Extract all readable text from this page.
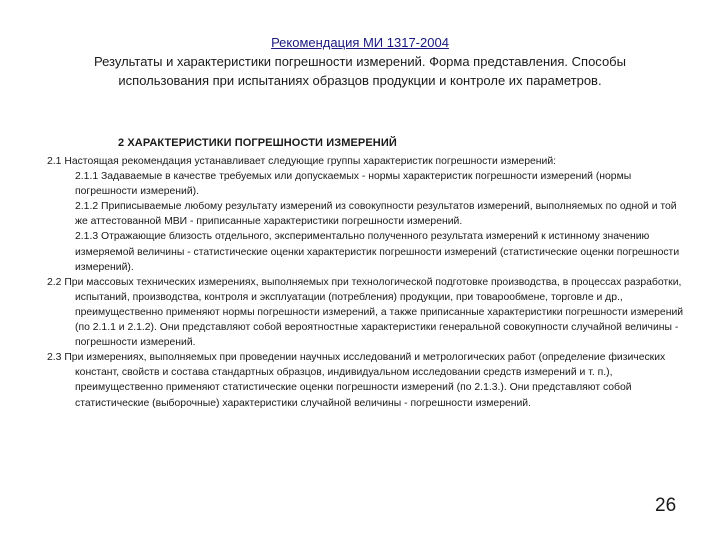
Рекомендация МИ 1317-2004
Результаты и характеристики погрешности измерений. Форма представления. Способы использования при испытаниях образцов продукции и контроле их параметров.
2 ХАРАКТЕРИСТИКИ ПОГРЕШНОСТИ ИЗМЕРЕНИЙ

2.1 Настоящая рекомендация устанавливает следующие группы характеристик погрешности измерений:

2.1.1 Задаваемые в качестве требуемых или допускаемых - нормы характеристик погрешности измерений (нормы погрешности измерений).

2.1.2 Приписываемые любому результату измерений из совокупности результатов измерений, выполняемых по одной и той же аттестованной МВИ - приписанные характеристики погрешности измерений.

2.1.3 Отражающие близость отдельного, экспериментально полученного результата измерений к истинному значению измеряемой величины - статистические оценки характеристик погрешности измерений (статистические оценки погрешности измерений).

2.2 При массовых технических измерениях, выполняемых при технологической подготовке производства, в процессах разработки, испытаний, производства, контроля и эксплуатации (потребления) продукции, при товарообмене, торговле и др., преимущественно применяют нормы погрешности измерений, а также приписанные характеристики погрешности измерений (по 2.1.1 и 2.1.2). Они представляют собой вероятностные характеристики генеральной совокупности случайной величины - погрешности измерений.

2.3 При измерениях, выполняемых при проведении научных исследований и метрологических работ (определение физических констант, свойств и состава стандартных образцов, индивидуальном исследовании средств измерений и т. п.), преимущественно применяют статистические оценки погрешности измерений (по 2.1.3.). Они представляют собой статистические (выборочные) характеристики случайной величины - погрешности измерений.

26
